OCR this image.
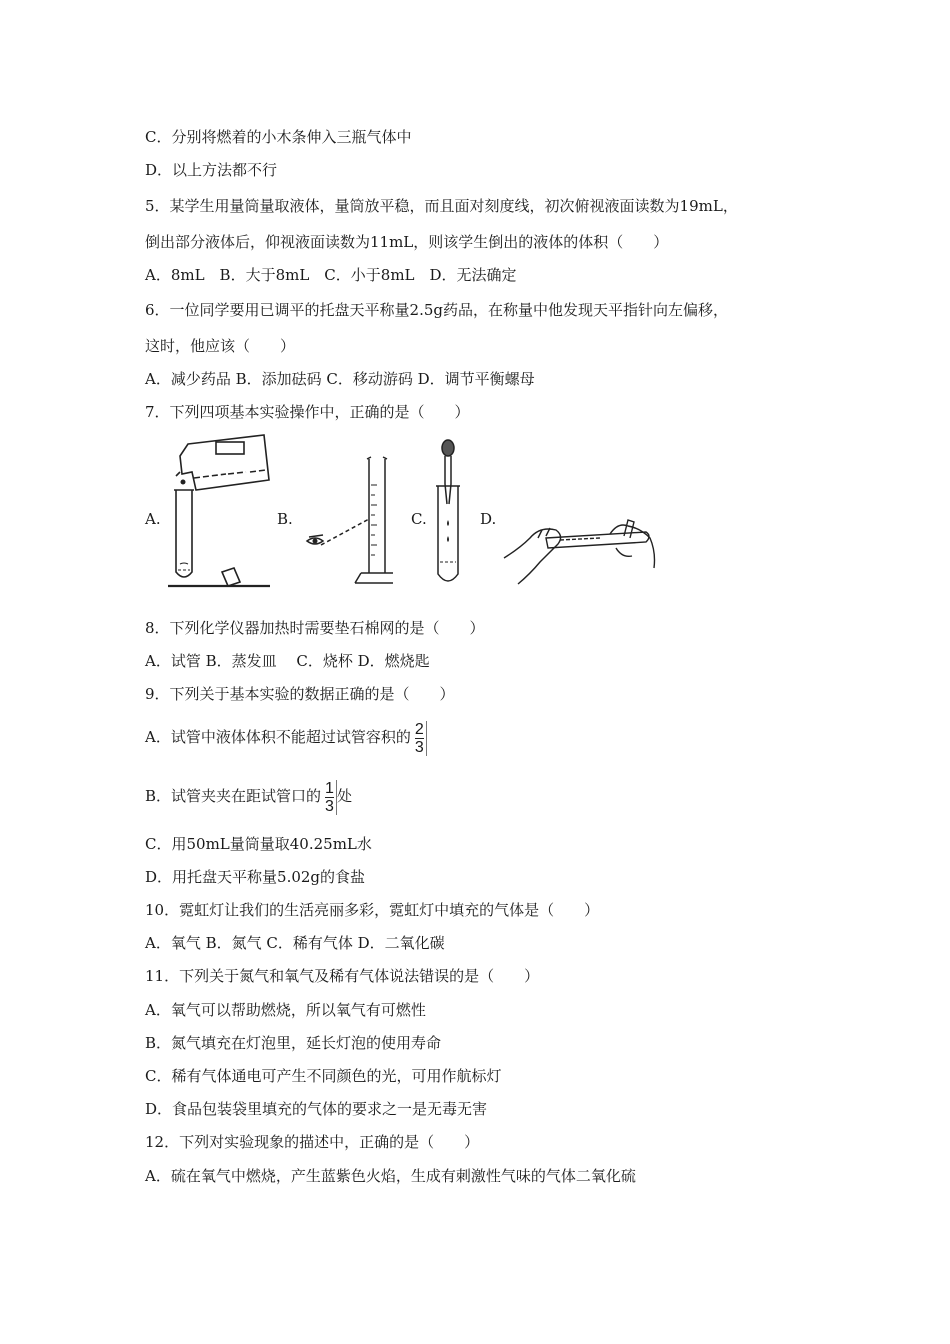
C．分别将燃着的小木条伸入三瓶气体中
D．以上方法都不行
5．某学生用量筒量取液体，量筒放平稳，而且面对刻度线，初次俯视液面读数为19mL，
倒出部分液体后，仰视液面读数为11mL，则该学生倒出的液体的体积（　　）
A．8mL　B．大于8mL　C．小于8mL　D．无法确定
6．一位同学要用已调平的托盘天平称量2.5g药品，在称量中他发现天平指针向左偏移，
这时，他应该（　　）
A．减少药品 B．添加砝码 C．移动游码 D．调节平衡螺母
7．下列四项基本实验操作中，正确的是（　　）
A.	B.	C.	D.
8．下列化学仪器加热时需要垫石棉网的是（　　）
A．试管 B．蒸发皿　 C．烧杯 D．燃烧匙
9．下列关于基本实验的数据正确的是（　　）
A．试管中液体体积不能超过试管容积的 $\frac{2}{3}$
B．试管夹夹在距试管口的 $\frac{1}{3}$ 处
C．用50mL量筒量取40.25mL水
D．用托盘天平称量5.02g的食盐
10．霓虹灯让我们的生活亮丽多彩，霓虹灯中填充的气体是（　　）
A．氧气 B．氮气 C．稀有气体 D．二氧化碳
11．下列关于氮气和氧气及稀有气体说法错误的是（　　）
A．氧气可以帮助燃烧，所以氧气有可燃性
B．氮气填充在灯泡里，延长灯泡的使用寿命
C．稀有气体通电可产生不同颜色的光，可用作航标灯
D．食品包装袋里填充的气体的要求之一是无毒无害
12．下列对实验现象的描述中，正确的是（　　）
A．硫在氧气中燃烧，产生蓝紫色火焰，生成有刺激性气味的气体二氧化硫
